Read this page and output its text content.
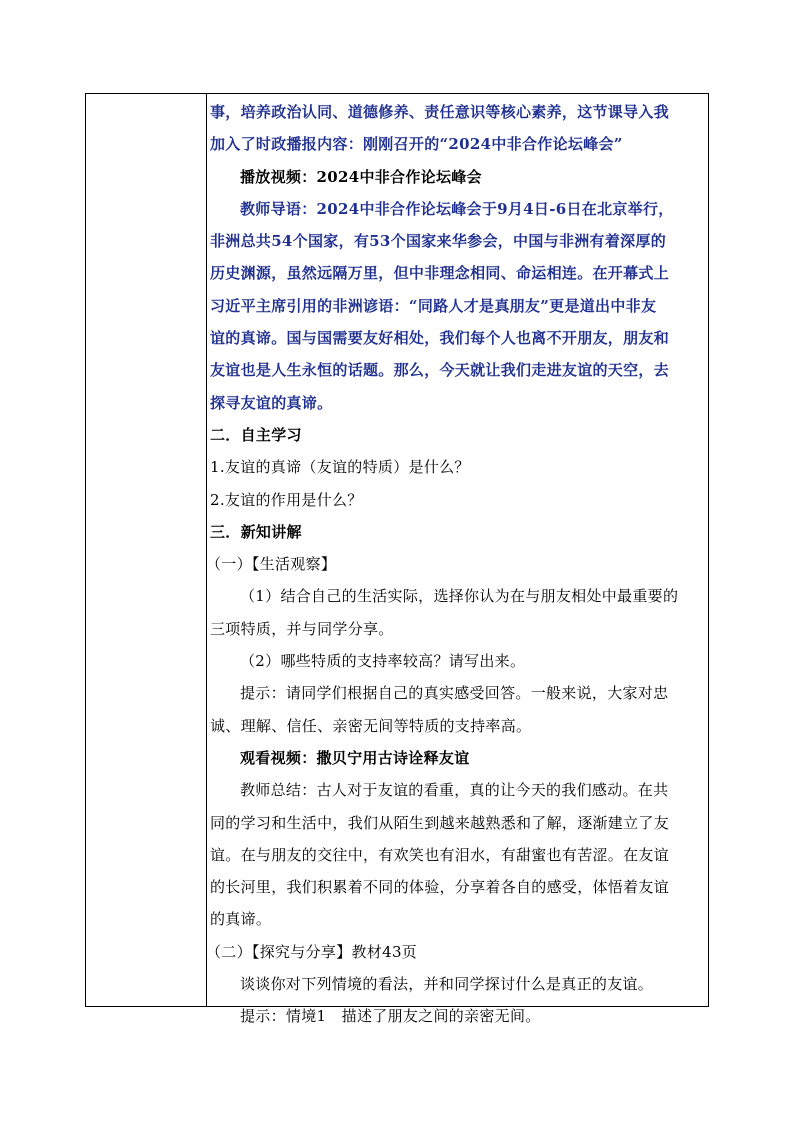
事，培养政治认同、道德修养、责任意识等核心素养，这节课导入我
加入了时政播报内容：刚刚召开的“2024中非合作论坛峰会”
播放视频：2024中非合作论坛峰会
教师导语：2024中非合作论坛峰会于9月4日-6日在北京举行，
非洲总共54个国家，有53个国家来华参会，中国与非洲有着深厚的
历史渊源，虽然远隔万里，但中非理念相同、命运相连。在开幕式上
习近平主席引用的非洲谚语：“同路人才是真朋友”更是道出中非友
谊的真谛。国与国需要友好相处，我们每个人也离不开朋友，朋友和
友谊也是人生永恒的话题。那么，今天就让我们走进友谊的天空，去
探寻友谊的真谛。
二．自主学习
1.友谊的真谛（友谊的特质）是什么？
2.友谊的作用是什么？
三．新知讲解
（一）【生活观察】
（1）结合自己的生活实际，选择你认为在与朋友相处中最重要的
三项特质，并与同学分享。
（2）哪些特质的支持率较高？请写出来。
提示：请同学们根据自己的真实感受回答。一般来说，大家对忠
诚、理解、信任、亲密无间等特质的支持率高。
观看视频：撒贝宁用古诗诠释友谊
教师总结：古人对于友谊的看重，真的让今天的我们感动。在共
同的学习和生活中，我们从陌生到越来越熟悉和了解，逐渐建立了友
谊。在与朋友的交往中，有欢笑也有泪水，有甜蜜也有苦涩。在友谊
的长河里，我们积累着不同的体验，分享着各自的感受，体悟着友谊
的真谛。
（二）【探究与分享】教材43页
谈谈你对下列情境的看法，并和同学探讨什么是真正的友谊。
提示：情境1　描述了朋友之间的亲密无间。
